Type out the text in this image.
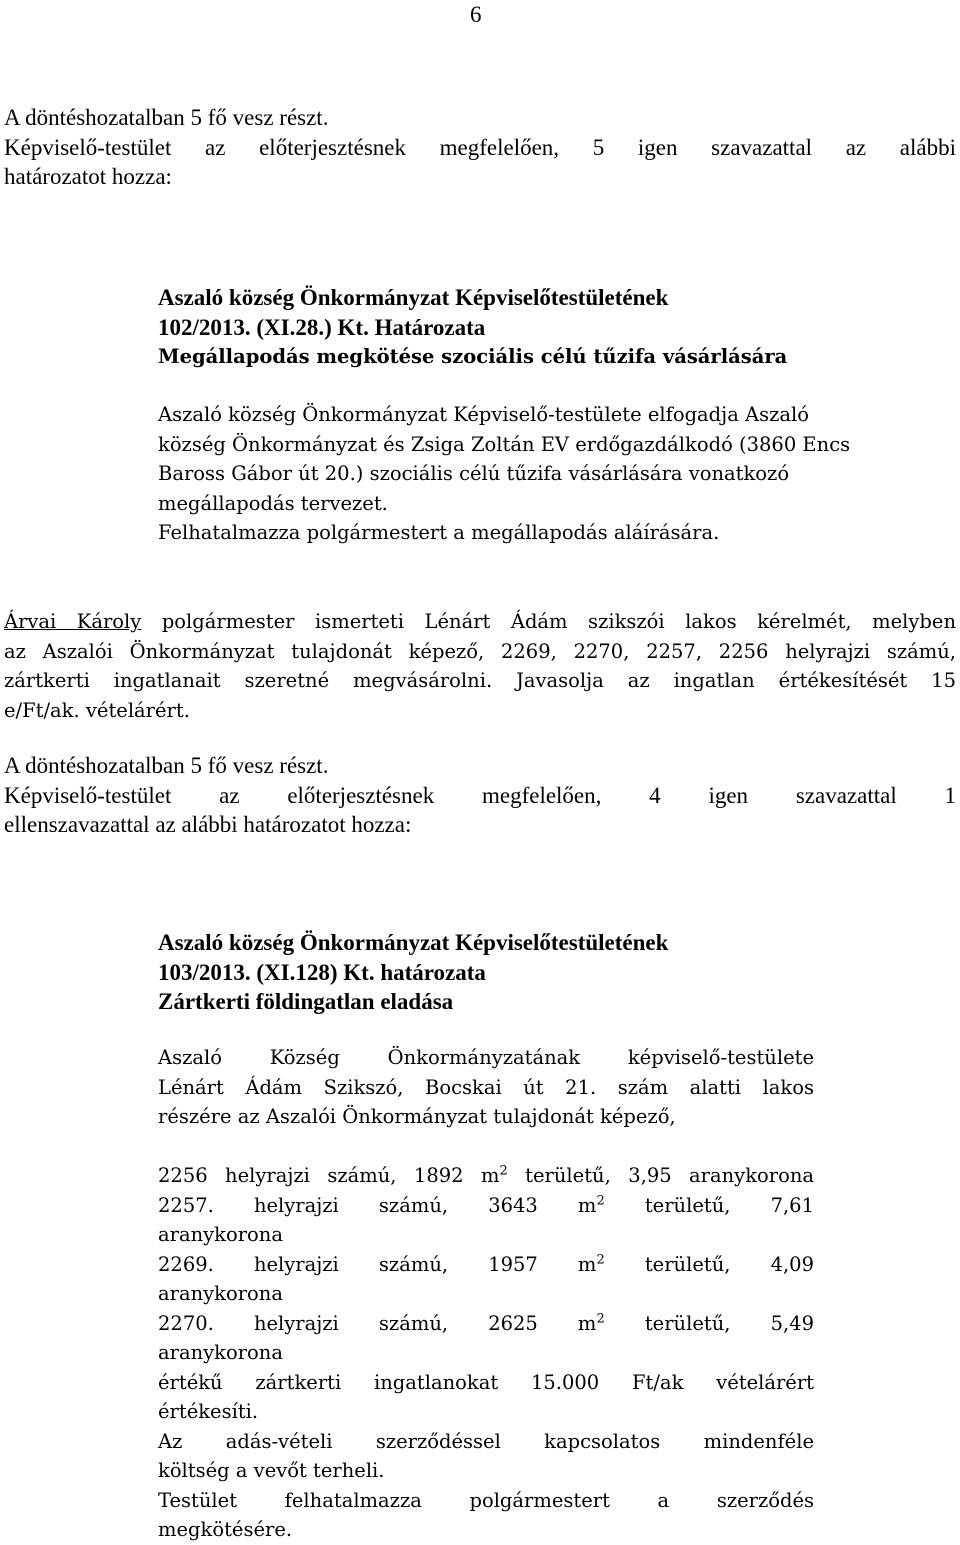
6
A döntéshozatalban 5 fő vesz részt.
Képviselő-testület az előterjesztésnek megfelelően, 5 igen szavazattal az alábbi
határozatot hozza:
Aszaló község Önkormányzat Képviselőtestületének
102/2013. (XI.28.) Kt. Határozata
Megállapodás megkötése szociális célú tűzifa vásárlására
Aszaló község Önkormányzat Képviselő-testülete elfogadja Aszaló
község Önkormányzat és Zsiga Zoltán EV erdőgazdálkodó (3860 Encs
Baross Gábor út 20.) szociális célú tűzifa vásárlására vonatkozó
megállapodás tervezet.
Felhatalmazza polgármestert a megállapodás aláírására.
Árvai Károly polgármester ismerteti Lénárt Ádám szikszói lakos kérelmét, melyben
az Aszalói Önkormányzat tulajdonát képező, 2269, 2270, 2257, 2256 helyrajzi számú,
zártkerti ingatlanait szeretné megvásárolni. Javasolja az ingatlan értékesítését 15
e/Ft/ak. vételárért.
A döntéshozatalban 5 fő vesz részt.
Képviselő-testület az előterjesztésnek megfelelően, 4 igen szavazattal 1
ellenszavazattal az alábbi határozatot hozza:
Aszaló község Önkormányzat Képviselőtestületének
103/2013. (XI.128) Kt. határozata
Zártkerti földingatlan eladása
Aszaló Község Önkormányzatának képviselő-testülete
Lénárt Ádám Szikszó, Bocskai út 21. szám alatti lakos
részére az Aszalói Önkormányzat tulajdonát képező,
2256 helyrajzi számú, 1892 $m^2$ területű, 3,95 aranykorona
2257. helyrajzi számú, 3643 $m^2$ területű, 7,61
aranykorona
2269. helyrajzi számú, 1957 $m^2$ területű, 4,09
aranykorona
2270. helyrajzi számú, 2625 $m^2$ területű, 5,49
aranykorona
értékű zártkerti ingatlanokat 15.000 Ft/ak vételárért
értékesíti.
Az adás-vételi szerződéssel kapcsolatos mindenféle
költség a vevőt terheli.
Testület felhatalmazza polgármestert a szerződés
megkötésére.
